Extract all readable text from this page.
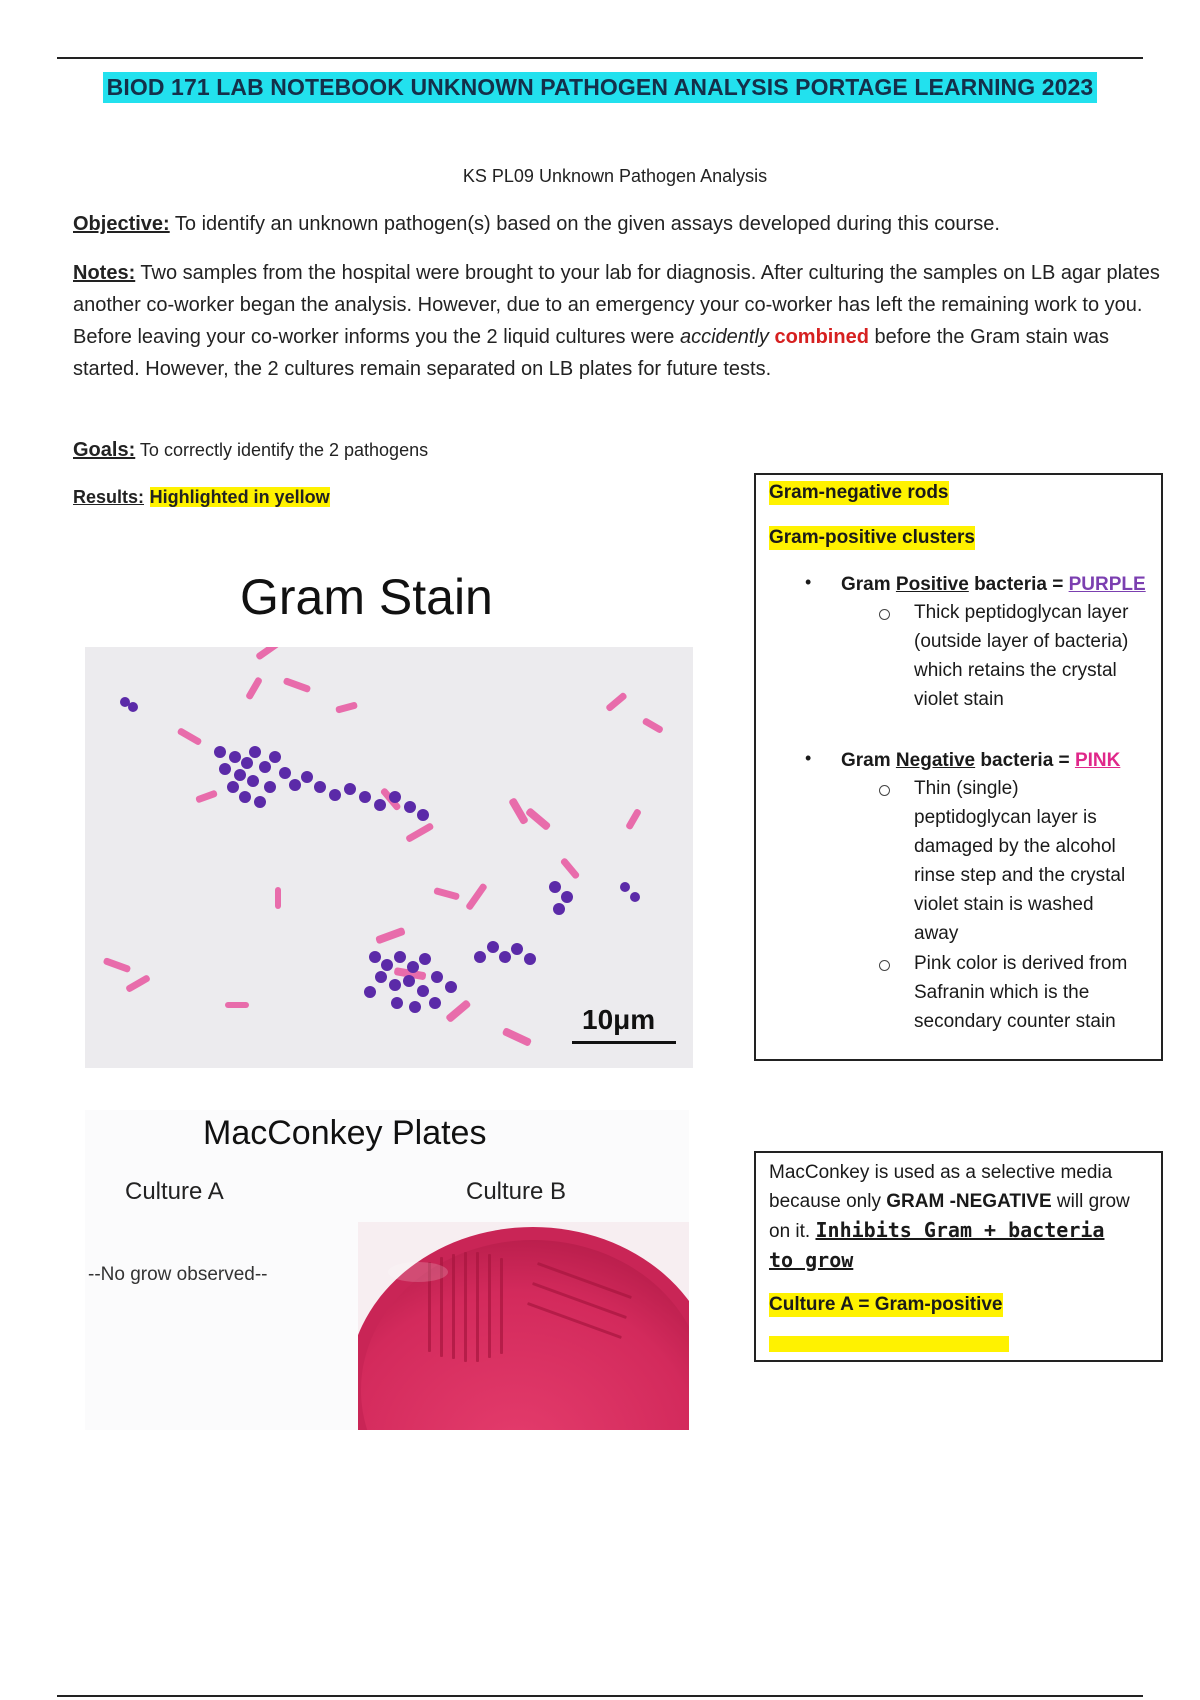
BIOD 171 LAB NOTEBOOK UNKNOWN PATHOGEN ANALYSIS PORTAGE LEARNING 2023
KS PL09 Unknown Pathogen Analysis
Objective: To identify an unknown pathogen(s) based on the given assays developed during this course.
Notes: Two samples from the hospital were brought to your lab for diagnosis. After culturing the samples on LB agar plates another co-worker began the analysis. However, due to an emergency your co-worker has left the remaining work to you. Before leaving your co-worker informs you the 2 liquid cultures were accidently combined before the Gram stain was started. However, the 2 cultures remain separated on LB plates for future tests.
Goals: To correctly identify the 2 pathogens
Results: Highlighted in yellow
Gram Stain
10μm
MacConkey Plates
Culture A	Culture B
--No grow observed--
Gram-negative rods
Gram-positive clusters
• Gram Positive bacteria = PURPLE
Thick peptidoglycan layer
(outside layer of bacteria)
which retains the crystal
violet stain
• Gram Negative bacteria = PINK
Thin (single)
peptidoglycan layer is
damaged by the alcohol
rinse step and the crystal
violet stain is washed
away
Pink color is derived from
Safranin which is the
secondary counter stain
MacConkey is used as a selective media
because only GRAM -NEGATIVE will grow
on it. Inhibits Gram + bacteria
to grow
Culture A = Gram-positive
